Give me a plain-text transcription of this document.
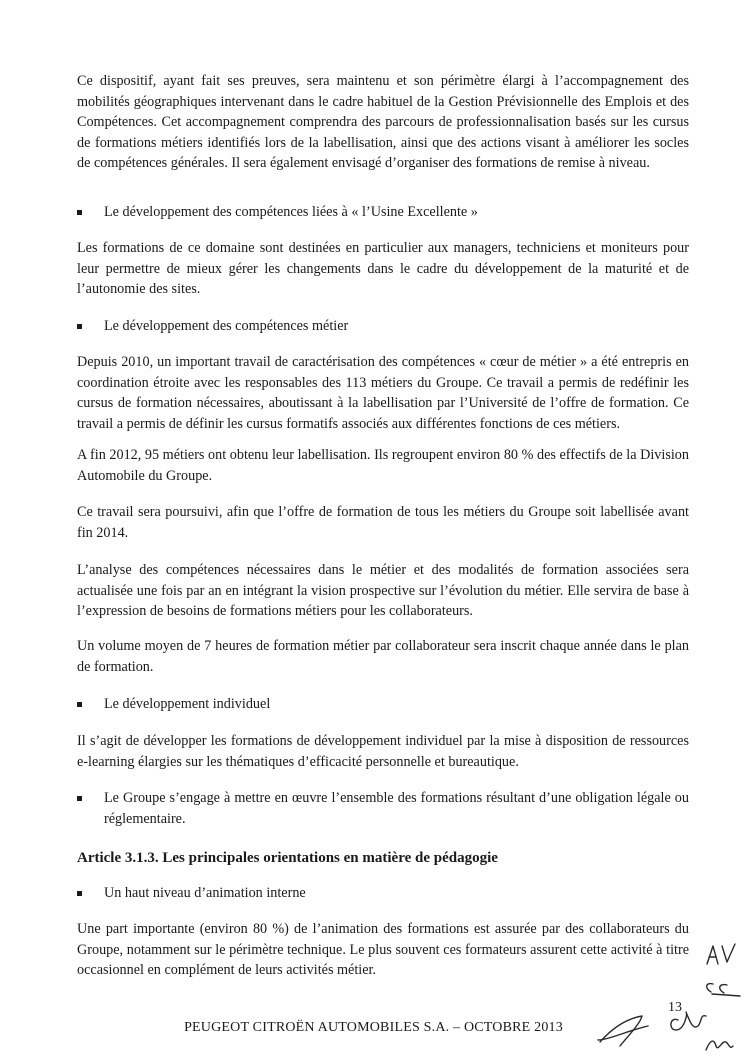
Ce dispositif, ayant fait ses preuves, sera maintenu et son périmètre élargi à l’accompagnement des mobilités géographiques intervenant dans le cadre habituel de la Gestion Prévisionnelle des Emplois et des Compétences. Cet accompagnement comprendra des parcours de professionnalisation basés sur les cursus de formations métiers identifiés lors de la labellisation, ainsi que des actions visant à améliorer les socles de compétences générales. Il sera également envisagé d’organiser des formations de remise à niveau.

Le développement des compétences liées à « l’Usine Excellente »

Les formations de ce domaine sont destinées en particulier aux managers, techniciens et moniteurs pour leur permettre de mieux gérer les changements dans le cadre du développement de la maturité et de l’autonomie des sites.

Le développement des compétences métier

Depuis 2010, un important travail de caractérisation des compétences « cœur de métier » a été entrepris en coordination étroite avec les responsables des 113 métiers du Groupe. Ce travail a permis de redéfinir les cursus de formation nécessaires, aboutissant à la labellisation par l’Université de l’offre de formation. Ce travail a permis de définir les cursus formatifs associés aux différentes fonctions de ces métiers.

A fin 2012, 95 métiers ont obtenu leur labellisation. Ils regroupent environ 80 % des effectifs de la Division Automobile du Groupe.

Ce travail sera poursuivi, afin que l’offre de formation de tous les métiers du Groupe soit labellisée avant fin 2014.

L’analyse des compétences nécessaires dans le métier et des modalités de formation associées sera actualisée une fois par an en intégrant la vision prospective sur l’évolution du métier. Elle servira de base à l’expression de besoins de formations métiers pour les collaborateurs.

Un volume moyen de 7 heures de formation métier par collaborateur sera inscrit chaque année dans le plan de formation.

Le développement individuel

Il s’agit de développer les formations de développement individuel par la mise à disposition de ressources e-learning élargies sur les thématiques d’efficacité personnelle et bureautique.

Le Groupe s’engage à mettre en œuvre l’ensemble des formations résultant d’une obligation légale ou réglementaire.
Article 3.1.3. Les principales orientations en matière de pédagogie
Un haut niveau d’animation interne

Une part importante (environ 80 %) de l’animation des formations est assurée par des collaborateurs du Groupe, notamment sur le périmètre technique. Le plus souvent ces formateurs assurent cette activité à titre occasionnel en complément de leurs activités métier.

13
PEUGEOT CITROËN AUTOMOBILES S.A. – OCTOBRE 2013
